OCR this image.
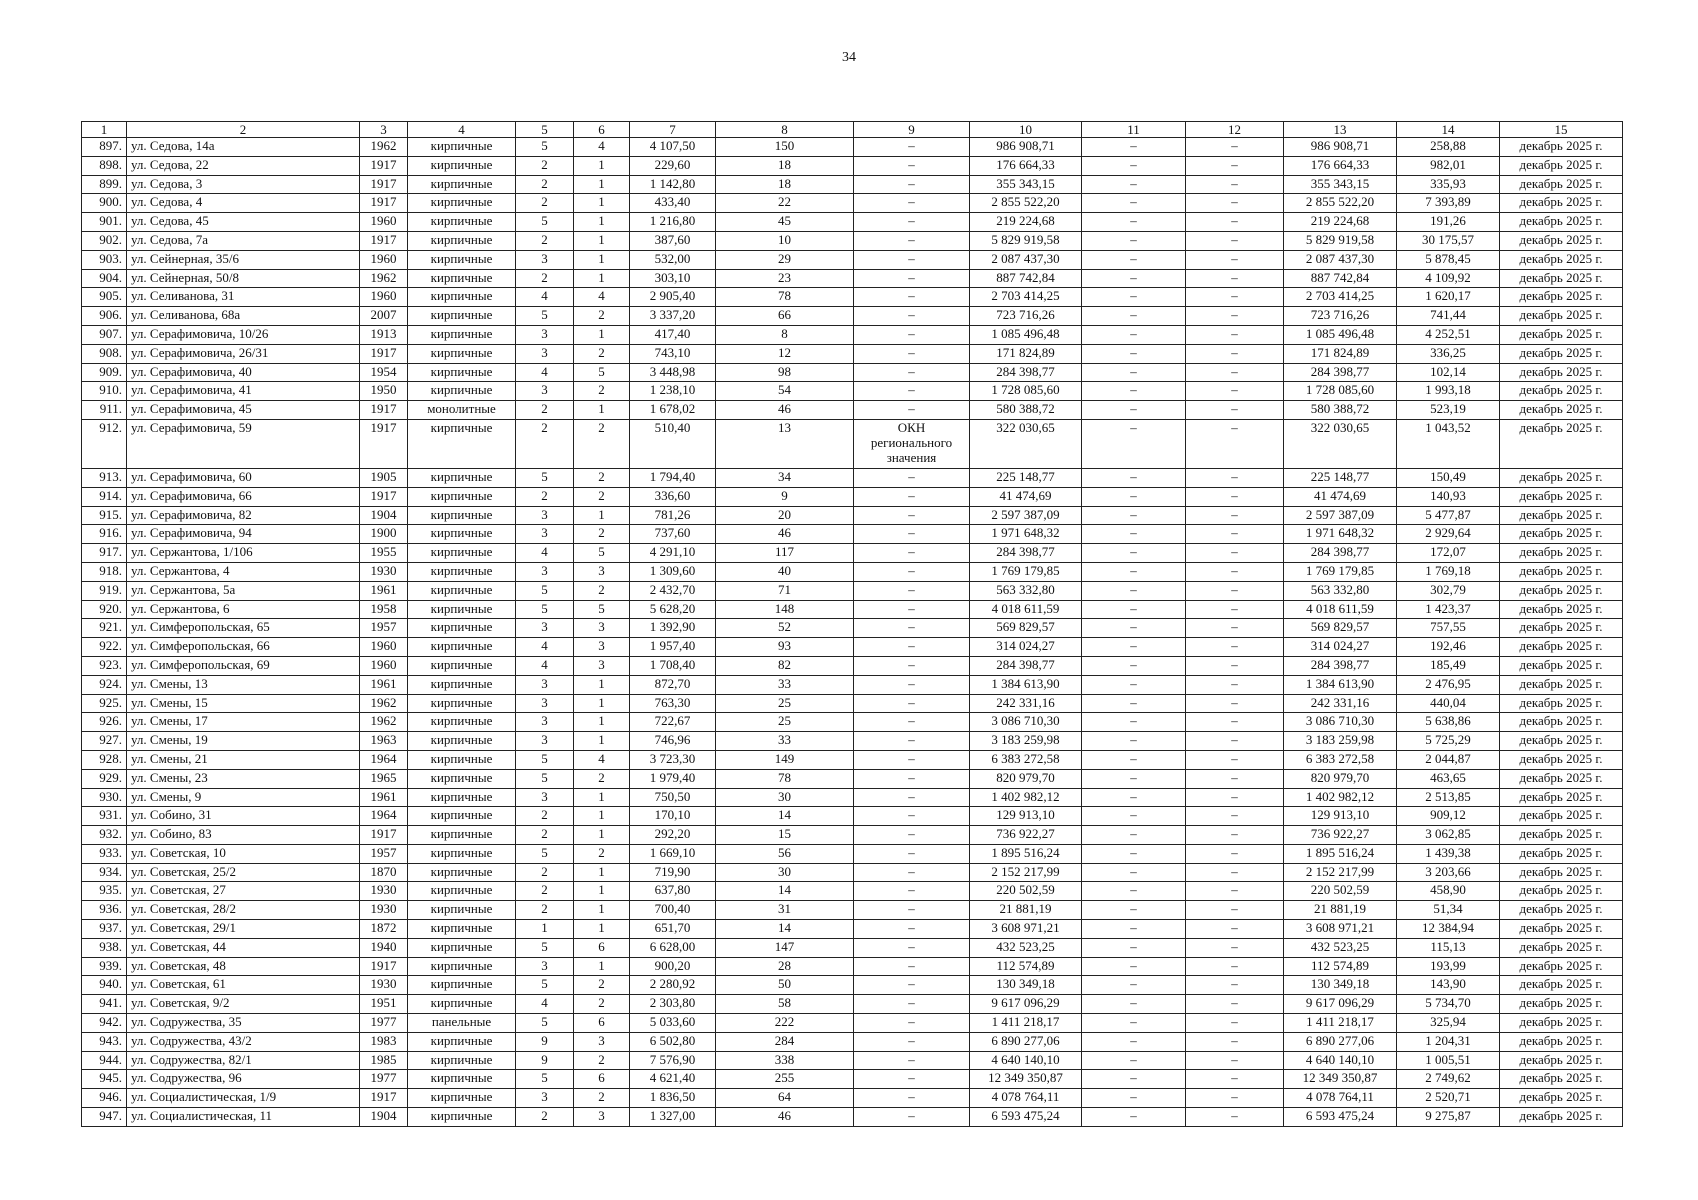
34
1	2	3	4	5	6	7	8	9	10	11	12	13	14	15
897.	ул. Седова, 14а	1962	кирпичные	5	4	4 107,50	150	–	986 908,71	–	–	986 908,71	258,88	декабрь 2025 г.
898.	ул. Седова, 22	1917	кирпичные	2	1	229,60	18	–	176 664,33	–	–	176 664,33	982,01	декабрь 2025 г.
899.	ул. Седова, 3	1917	кирпичные	2	1	1 142,80	18	–	355 343,15	–	–	355 343,15	335,93	декабрь 2025 г.
900.	ул. Седова, 4	1917	кирпичные	2	1	433,40	22	–	2 855 522,20	–	–	2 855 522,20	7 393,89	декабрь 2025 г.
901.	ул. Седова, 45	1960	кирпичные	5	1	1 216,80	45	–	219 224,68	–	–	219 224,68	191,26	декабрь 2025 г.
902.	ул. Седова, 7а	1917	кирпичные	2	1	387,60	10	–	5 829 919,58	–	–	5 829 919,58	30 175,57	декабрь 2025 г.
903.	ул. Сейнерная, 35/6	1960	кирпичные	3	1	532,00	29	–	2 087 437,30	–	–	2 087 437,30	5 878,45	декабрь 2025 г.
904.	ул. Сейнерная, 50/8	1962	кирпичные	2	1	303,10	23	–	887 742,84	–	–	887 742,84	4 109,92	декабрь 2025 г.
905.	ул. Селиванова, 31	1960	кирпичные	4	4	2 905,40	78	–	2 703 414,25	–	–	2 703 414,25	1 620,17	декабрь 2025 г.
906.	ул. Селиванова, 68а	2007	кирпичные	5	2	3 337,20	66	–	723 716,26	–	–	723 716,26	741,44	декабрь 2025 г.
907.	ул. Серафимовича, 10/26	1913	кирпичные	3	1	417,40	8	–	1 085 496,48	–	–	1 085 496,48	4 252,51	декабрь 2025 г.
908.	ул. Серафимовича, 26/31	1917	кирпичные	3	2	743,10	12	–	171 824,89	–	–	171 824,89	336,25	декабрь 2025 г.
909.	ул. Серафимовича, 40	1954	кирпичные	4	5	3 448,98	98	–	284 398,77	–	–	284 398,77	102,14	декабрь 2025 г.
910.	ул. Серафимовича, 41	1950	кирпичные	3	2	1 238,10	54	–	1 728 085,60	–	–	1 728 085,60	1 993,18	декабрь 2025 г.
911.	ул. Серафимовича, 45	1917	монолитные	2	1	1 678,02	46	–	580 388,72	–	–	580 388,72	523,19	декабрь 2025 г.
912.	ул. Серафимовича, 59	1917	кирпичные	2	2	510,40	13	ОКН регионального значения	322 030,65	–	–	322 030,65	1 043,52	декабрь 2025 г.
913.	ул. Серафимовича, 60	1905	кирпичные	5	2	1 794,40	34	–	225 148,77	–	–	225 148,77	150,49	декабрь 2025 г.
914.	ул. Серафимовича, 66	1917	кирпичные	2	2	336,60	9	–	41 474,69	–	–	41 474,69	140,93	декабрь 2025 г.
915.	ул. Серафимовича, 82	1904	кирпичные	3	1	781,26	20	–	2 597 387,09	–	–	2 597 387,09	5 477,87	декабрь 2025 г.
916.	ул. Серафимовича, 94	1900	кирпичные	3	2	737,60	46	–	1 971 648,32	–	–	1 971 648,32	2 929,64	декабрь 2025 г.
917.	ул. Сержантова, 1/106	1955	кирпичные	4	5	4 291,10	117	–	284 398,77	–	–	284 398,77	172,07	декабрь 2025 г.
918.	ул. Сержантова, 4	1930	кирпичные	3	3	1 309,60	40	–	1 769 179,85	–	–	1 769 179,85	1 769,18	декабрь 2025 г.
919.	ул. Сержантова, 5а	1961	кирпичные	5	2	2 432,70	71	–	563 332,80	–	–	563 332,80	302,79	декабрь 2025 г.
920.	ул. Сержантова, 6	1958	кирпичные	5	5	5 628,20	148	–	4 018 611,59	–	–	4 018 611,59	1 423,37	декабрь 2025 г.
921.	ул. Симферопольская, 65	1957	кирпичные	3	3	1 392,90	52	–	569 829,57	–	–	569 829,57	757,55	декабрь 2025 г.
922.	ул. Симферопольская, 66	1960	кирпичные	4	3	1 957,40	93	–	314 024,27	–	–	314 024,27	192,46	декабрь 2025 г.
923.	ул. Симферопольская, 69	1960	кирпичные	4	3	1 708,40	82	–	284 398,77	–	–	284 398,77	185,49	декабрь 2025 г.
924.	ул. Смены, 13	1961	кирпичные	3	1	872,70	33	–	1 384 613,90	–	–	1 384 613,90	2 476,95	декабрь 2025 г.
925.	ул. Смены, 15	1962	кирпичные	3	1	763,30	25	–	242 331,16	–	–	242 331,16	440,04	декабрь 2025 г.
926.	ул. Смены, 17	1962	кирпичные	3	1	722,67	25	–	3 086 710,30	–	–	3 086 710,30	5 638,86	декабрь 2025 г.
927.	ул. Смены, 19	1963	кирпичные	3	1	746,96	33	–	3 183 259,98	–	–	3 183 259,98	5 725,29	декабрь 2025 г.
928.	ул. Смены, 21	1964	кирпичные	5	4	3 723,30	149	–	6 383 272,58	–	–	6 383 272,58	2 044,87	декабрь 2025 г.
929.	ул. Смены, 23	1965	кирпичные	5	2	1 979,40	78	–	820 979,70	–	–	820 979,70	463,65	декабрь 2025 г.
930.	ул. Смены, 9	1961	кирпичные	3	1	750,50	30	–	1 402 982,12	–	–	1 402 982,12	2 513,85	декабрь 2025 г.
931.	ул. Собино, 31	1964	кирпичные	2	1	170,10	14	–	129 913,10	–	–	129 913,10	909,12	декабрь 2025 г.
932.	ул. Собино, 83	1917	кирпичные	2	1	292,20	15	–	736 922,27	–	–	736 922,27	3 062,85	декабрь 2025 г.
933.	ул. Советская, 10	1957	кирпичные	5	2	1 669,10	56	–	1 895 516,24	–	–	1 895 516,24	1 439,38	декабрь 2025 г.
934.	ул. Советская, 25/2	1870	кирпичные	2	1	719,90	30	–	2 152 217,99	–	–	2 152 217,99	3 203,66	декабрь 2025 г.
935.	ул. Советская, 27	1930	кирпичные	2	1	637,80	14	–	220 502,59	–	–	220 502,59	458,90	декабрь 2025 г.
936.	ул. Советская, 28/2	1930	кирпичные	2	1	700,40	31	–	21 881,19	–	–	21 881,19	51,34	декабрь 2025 г.
937.	ул. Советская, 29/1	1872	кирпичные	1	1	651,70	14	–	3 608 971,21	–	–	3 608 971,21	12 384,94	декабрь 2025 г.
938.	ул. Советская, 44	1940	кирпичные	5	6	6 628,00	147	–	432 523,25	–	–	432 523,25	115,13	декабрь 2025 г.
939.	ул. Советская, 48	1917	кирпичные	3	1	900,20	28	–	112 574,89	–	–	112 574,89	193,99	декабрь 2025 г.
940.	ул. Советская, 61	1930	кирпичные	5	2	2 280,92	50	–	130 349,18	–	–	130 349,18	143,90	декабрь 2025 г.
941.	ул. Советская, 9/2	1951	кирпичные	4	2	2 303,80	58	–	9 617 096,29	–	–	9 617 096,29	5 734,70	декабрь 2025 г.
942.	ул. Содружества, 35	1977	панельные	5	6	5 033,60	222	–	1 411 218,17	–	–	1 411 218,17	325,94	декабрь 2025 г.
943.	ул. Содружества, 43/2	1983	кирпичные	9	3	6 502,80	284	–	6 890 277,06	–	–	6 890 277,06	1 204,31	декабрь 2025 г.
944.	ул. Содружества, 82/1	1985	кирпичные	9	2	7 576,90	338	–	4 640 140,10	–	–	4 640 140,10	1 005,51	декабрь 2025 г.
945.	ул. Содружества, 96	1977	кирпичные	5	6	4 621,40	255	–	12 349 350,87	–	–	12 349 350,87	2 749,62	декабрь 2025 г.
946.	ул. Социалистическая, 1/9	1917	кирпичные	3	2	1 836,50	64	–	4 078 764,11	–	–	4 078 764,11	2 520,71	декабрь 2025 г.
947.	ул. Социалистическая, 11	1904	кирпичные	2	3	1 327,00	46	–	6 593 475,24	–	–	6 593 475,24	9 275,87	декабрь 2025 г.
